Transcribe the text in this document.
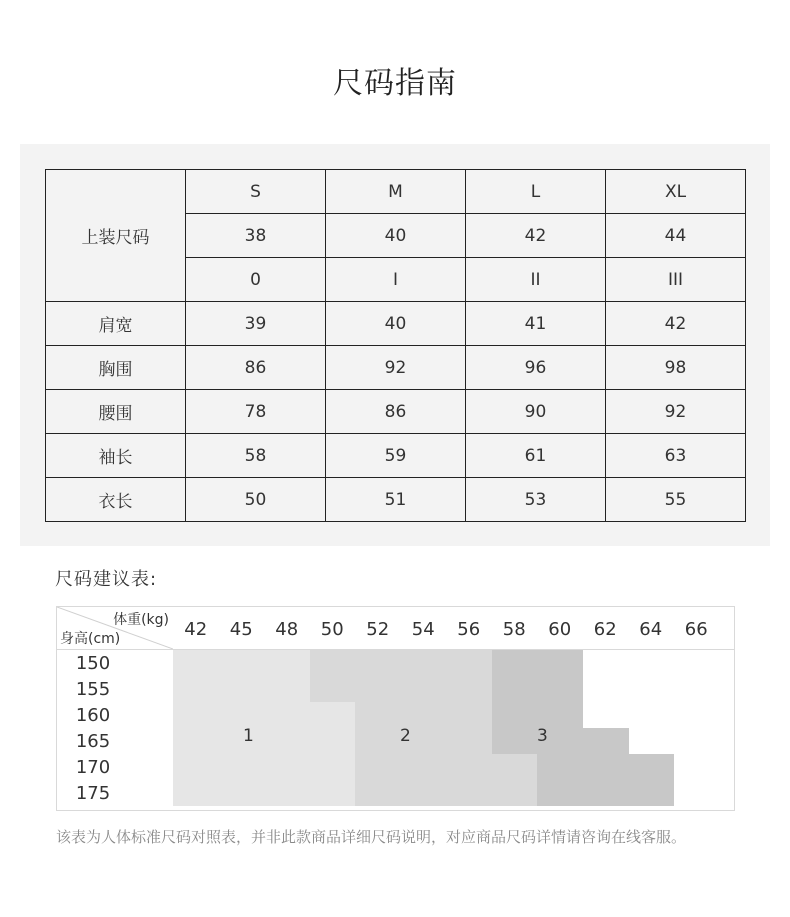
尺码指南
上装尺码	S	M	L	XL
	38	40	42	44
	0	I	II	III
肩宽	39	40	41	42
胸围	86	92	96	98
腰围	78	86	90	92
袖长	58	59	61	63
衣长	50	51	53	55
尺码建议表:
体重(kg)
身高(cm)	42	45	48	50	52	54	56	58	60	62	64	66
150
155
160
165
170
175
1	2	3
该表为人体标准尺码对照表，并非此款商品详细尺码说明，对应商品尺码详情请咨询在线客服。
